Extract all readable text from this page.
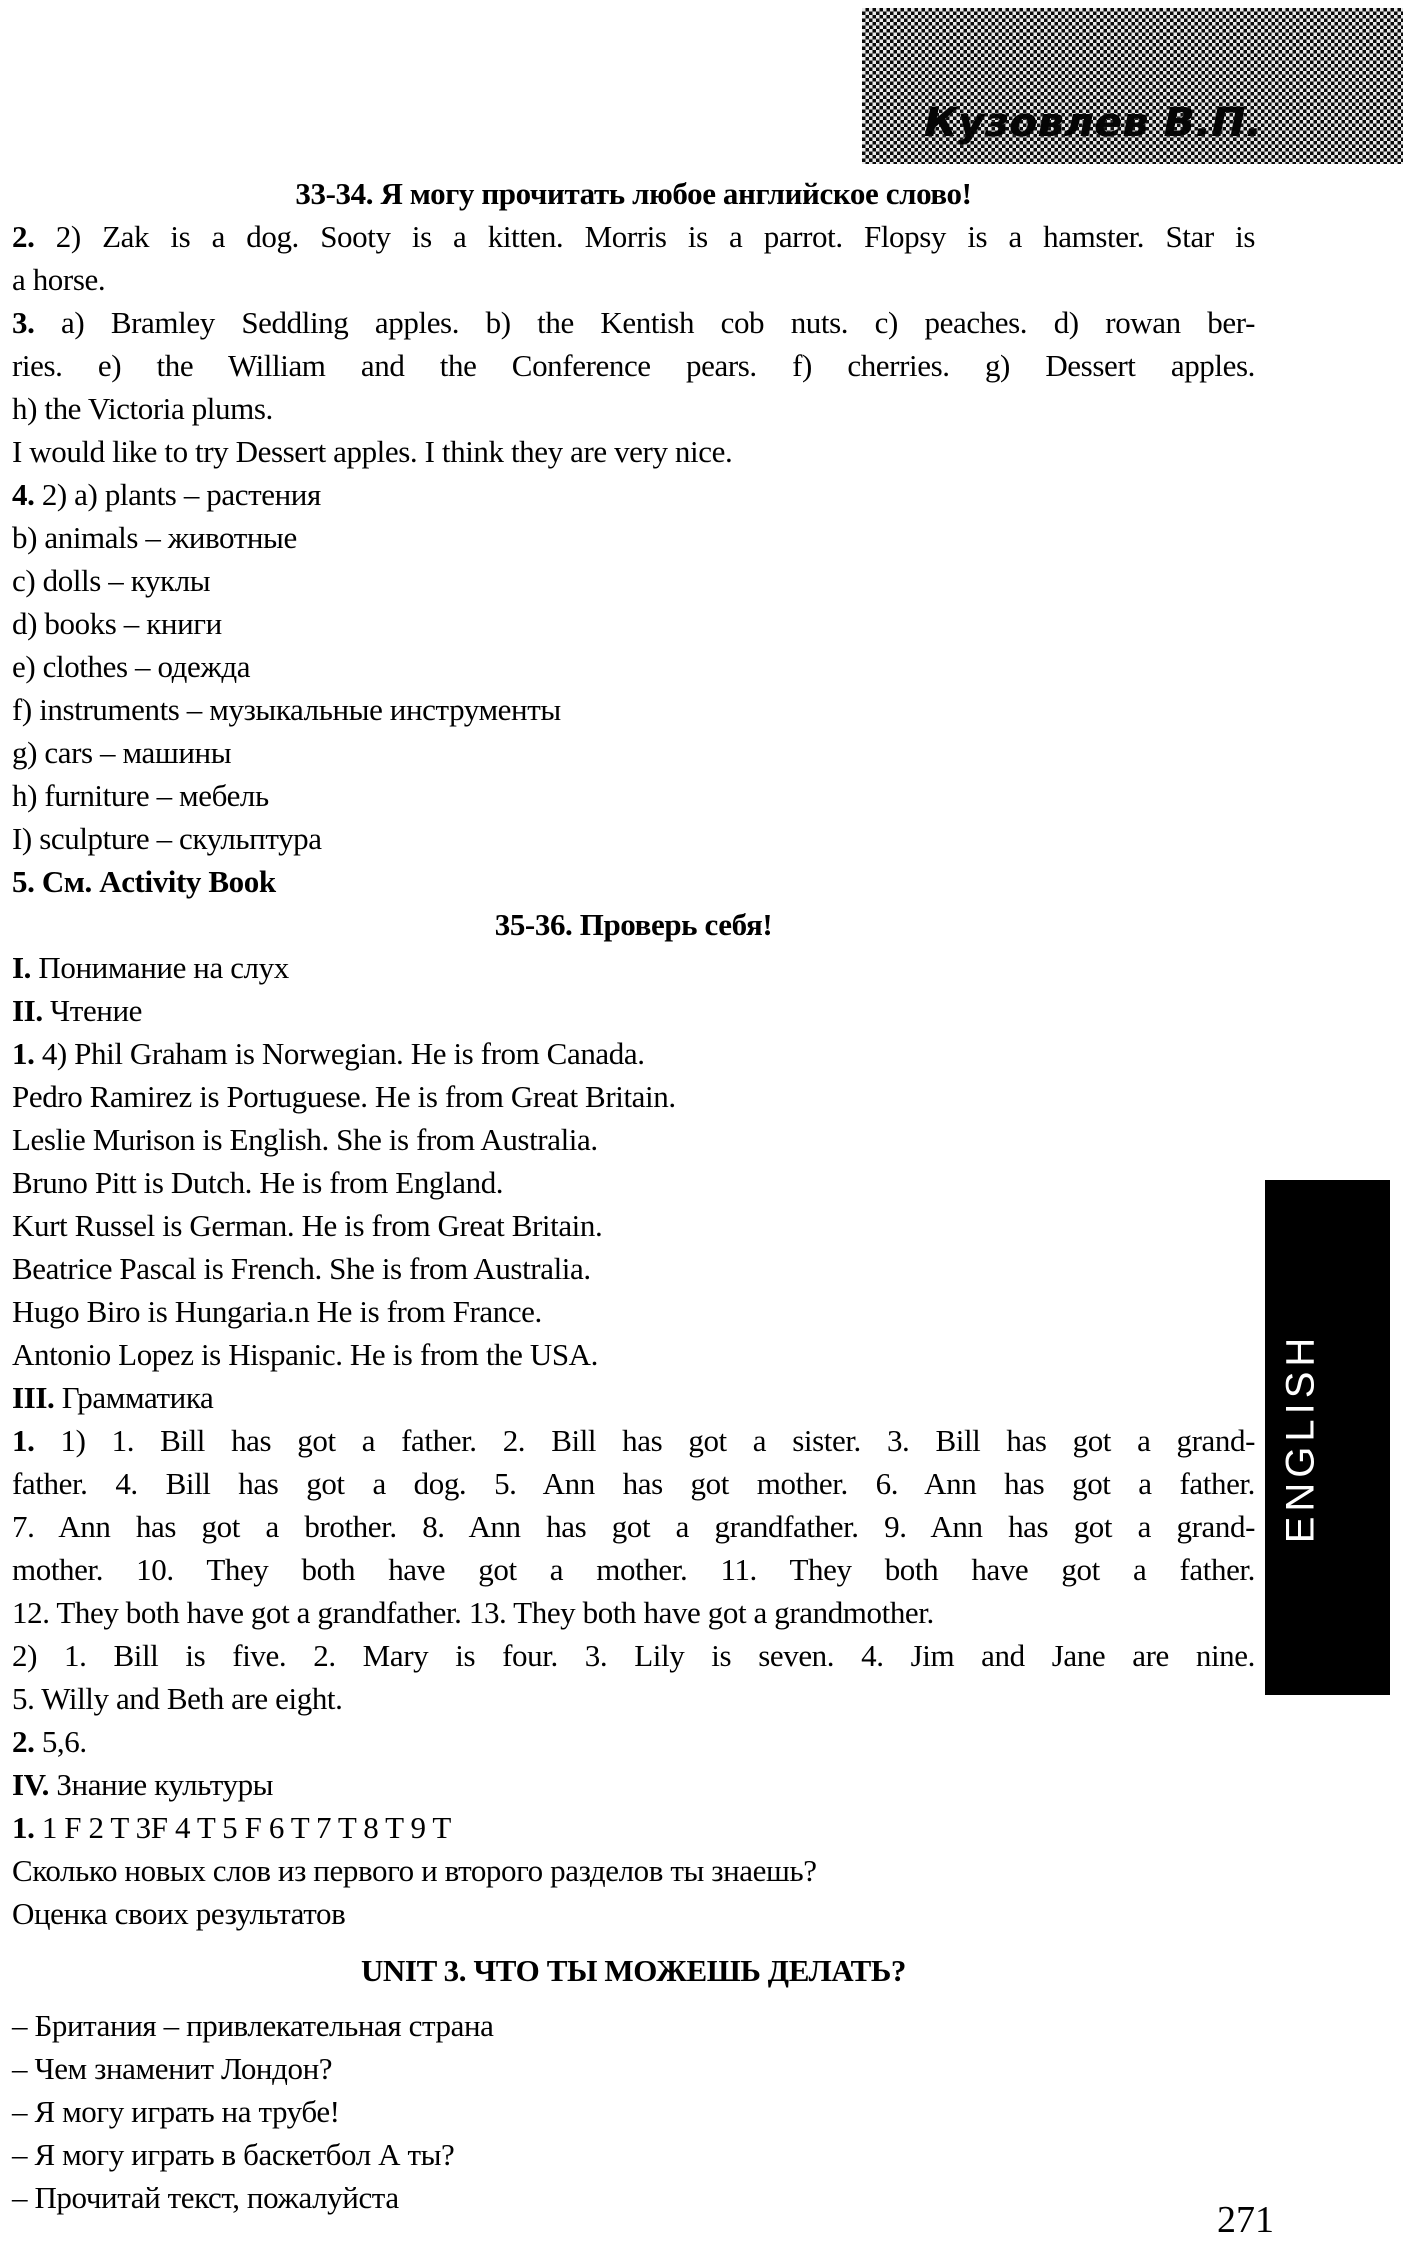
Кузовлев В.П.
33-34. Я могу прочитать любое английское слово!
2. 2) Zak is a dog. Sooty is a kitten. Morris is a parrot. Flopsy is a hamster. Star is
a horse.
3. a) Bramley Seddling apples. b) the Kentish cob nuts. c) peaches. d) rowan ber-
ries. e) the William and the Conference pears. f) cherries. g) Dessert apples.
h) the Victoria plums.
I would like to try Dessert apples. I think they are very nice.
4. 2) a) plants – растения
b) animals – животные
c) dolls – куклы
d) books – книги
e) clothes – одежда
f) instruments – музыкальные инструменты
g) cars – машины
h) furniture – мебель
I) sculpture – скульптура
5. См. Activity Book
35-36. Проверь себя!
I. Понимание на слух
II. Чтение
1. 4) Phil Graham is Norwegian. He is from Canada.
Pedro Ramirez is Portuguese. He is from Great Britain.
Leslie Murison is English. She is from Australia.
Bruno Pitt is Dutch. He is from England.
Kurt Russel is German. He is from Great Britain.
Beatrice Pascal is French. She is from Australia.
Hugo Biro is Hungaria.n He is from France.
Antonio Lopez is Hispanic. He is from the USA.
III. Грамматика
1. 1) 1. Bill has got a father. 2. Bill has got a sister. 3. Bill has got a grand-
father. 4. Bill has got a dog. 5. Ann has got mother. 6. Ann has got a father.
7. Ann has got a brother. 8. Ann has got a grandfather. 9. Ann has got a grand-
mother. 10. They both have got a mother. 11. They both have got a father.
12. They both have got a grandfather. 13. They both have got a grandmother.
2) 1. Bill is five. 2. Mary is four. 3. Lily is seven. 4. Jim and Jane are nine.
5. Willy and Beth are eight.
2. 5,6.
IV. Знание культуры
1. 1 F 2 T 3F 4 T 5 F 6 T 7 T 8 T 9 T
Сколько новых слов из первого и второго разделов ты знаешь?
Оценка своих результатов
UNIT 3. ЧТО ТЫ МОЖЕШЬ ДЕЛАТЬ?
– Британия – привлекательная страна
– Чем знаменит Лондон?
– Я могу играть на трубе!
– Я могу играть в баскетбол А ты?
– Прочитай текст, пожалуйста
ENGLISH
271
